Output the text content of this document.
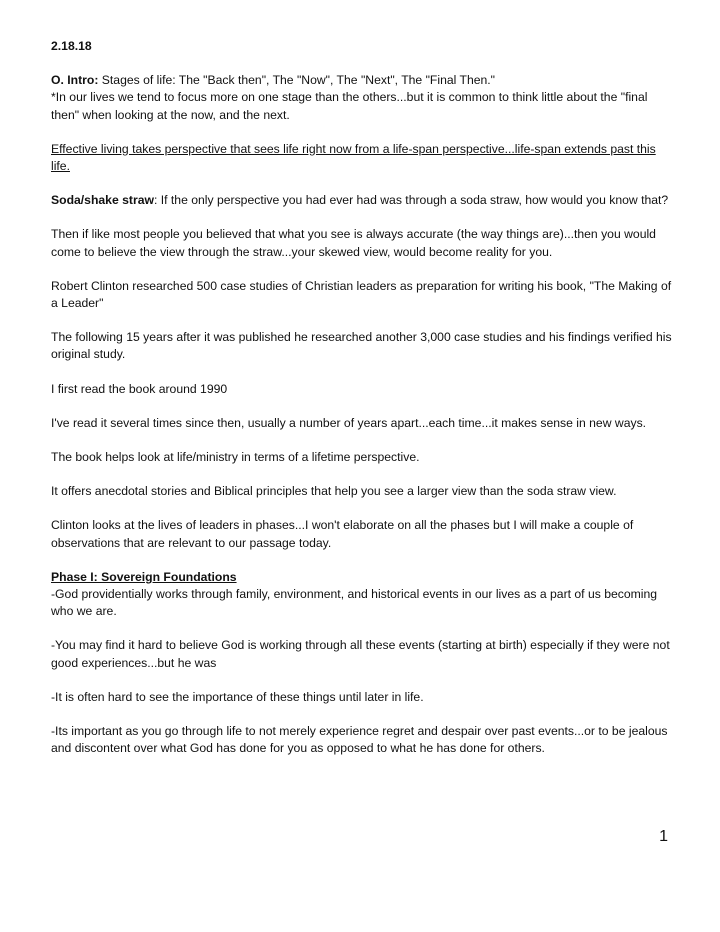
2.18.18

O. Intro: Stages of life: The "Back then", The "Now", The "Next", The "Final Then."
*In our lives we tend to focus more on one stage than the others...but it is common to think little about the "final then" when looking at the now, and the next.

Effective living takes perspective that sees life right now from a life-span perspective...life-span extends past this life.

Soda/shake straw: If the only perspective you had ever had was through a soda straw, how would you know that?

Then if like most people you believed that what you see is always accurate (the way things are)...then you would come to believe the view through the straw...your skewed view, would become reality for you.

Robert Clinton researched 500 case studies of Christian leaders as preparation for writing his book, "The Making of a Leader"

The following 15 years after it was published he researched another 3,000 case studies and his findings verified his original study.

I first read the book around 1990

I've read it several times since then, usually a number of years apart...each time...it makes sense in new ways.

The book helps look at life/ministry in terms of a lifetime perspective.

It offers anecdotal stories and Biblical principles that help you see a larger view than the soda straw view.

Clinton looks at the lives of leaders in phases...I won't elaborate on all the phases but I will make a couple of observations that are relevant to our passage today.

Phase I: Sovereign Foundations

-God providentially works through family, environment, and historical events in our lives as a part of us becoming who we are.

-You may find it hard to believe God is working through all these events (starting at birth) especially if they were not good experiences...but he was

-It is often hard to see the importance of these things until later in life.

-Its important as you go through life to not merely experience regret and despair over past events...or to be jealous and discontent over what God has done for you as opposed to what he has done for others.

1
